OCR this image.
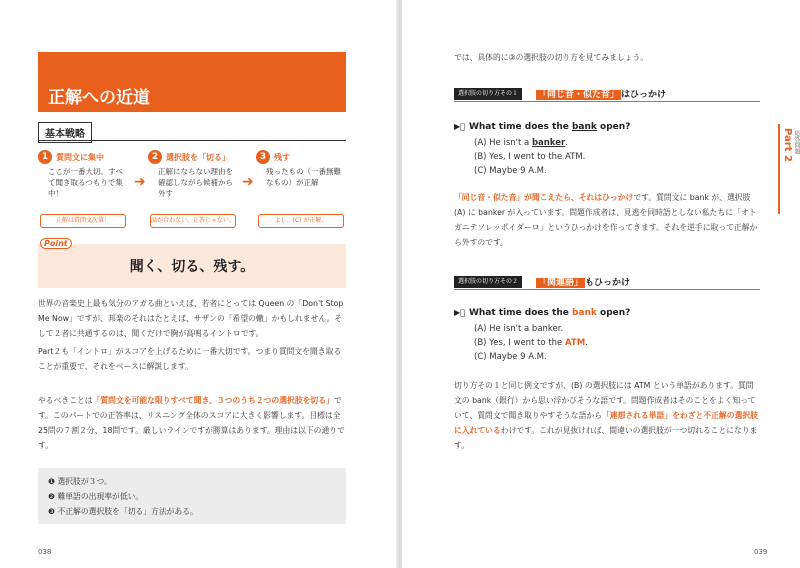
正解への近道
基本戦略
1 質問文に集中
ここが一番大切。すべて聞き取るつもりで集中！
正解は質問文次第！
➜
2 選択肢を「切る」
正解にならない理由を確認しながら候補から外す
話が合わない、正答じゃない。
➜
3 残す
残ったもの（一番無難なもの）が正解
よし、(C) が正解。
Point
聞く、切る、残す。
世界の音楽史上最も気分のアガる曲といえば、若者にとっては Queen の「Don't Stop Me Now」ですが、邦楽のそれはたとえば、サザンの「希望の轍」かもしれません。そして２者に共通するのは、聞くだけで胸が高鳴るイントロです。
Part２も「イントロ」がスコアを上げるために一番大切です。つまり質問文を聞き取ることが重要で、それをベースに解説します。
やるべきことは「質問文を可能な限りすべて聞き、３つのうち２つの選択肢を切る」です。このパートでの正答率は、リスニング全体のスコアに大きく影響します。目標は全25問の７割２分、18問です。厳しいラインですが勝算はあります。理由は以下の通りです。
❶ 選択肢が３つ。
❷ 難単語の出現率が低い。
❸ 不正解の選択肢を「切る」方法がある。
038
では、具体的に③の選択肢の切り方を見てみましょう。
選択肢の切り方その１	「同じ音・似た音」 はひっかけ
▶⃞ What time does the bank open?
(A) He isn't a banker.
(B) Yes, I went to the ATM.
(C) Maybe 9 A.M.
「同じ音・似た音」が聞こえたら、それはひっかけです。質問文に bank が、選択肢 (A) に banker が入っています。問題作成者は、見逃を同時語としない私たちに「オトガニテソレッポイダーロ」というひっかけを作ってきます。それを逆手に取って正解から外すのです。
選択肢の切り方その２	「関連語」 もひっかけ
▶⃞ What time does the bank open?
(A) He isn't a banker.
(B) Yes, I went to the ATM.
(C) Maybe 9 A.M.
切り方その１と同じ例文ですが、(B) の選択肢には ATM という単語があります。質問文の bank（銀行）から思い浮かびそうな語です。問題作成者はそのことをよく知っていて、質問文で聞き取りやすそうな語から「連想される単語」をわざと不正解の選択肢に入れているわけです。これが見抜ければ、間違いの選択肢が一つ切れることになります。
Part 2 応答問題
039
